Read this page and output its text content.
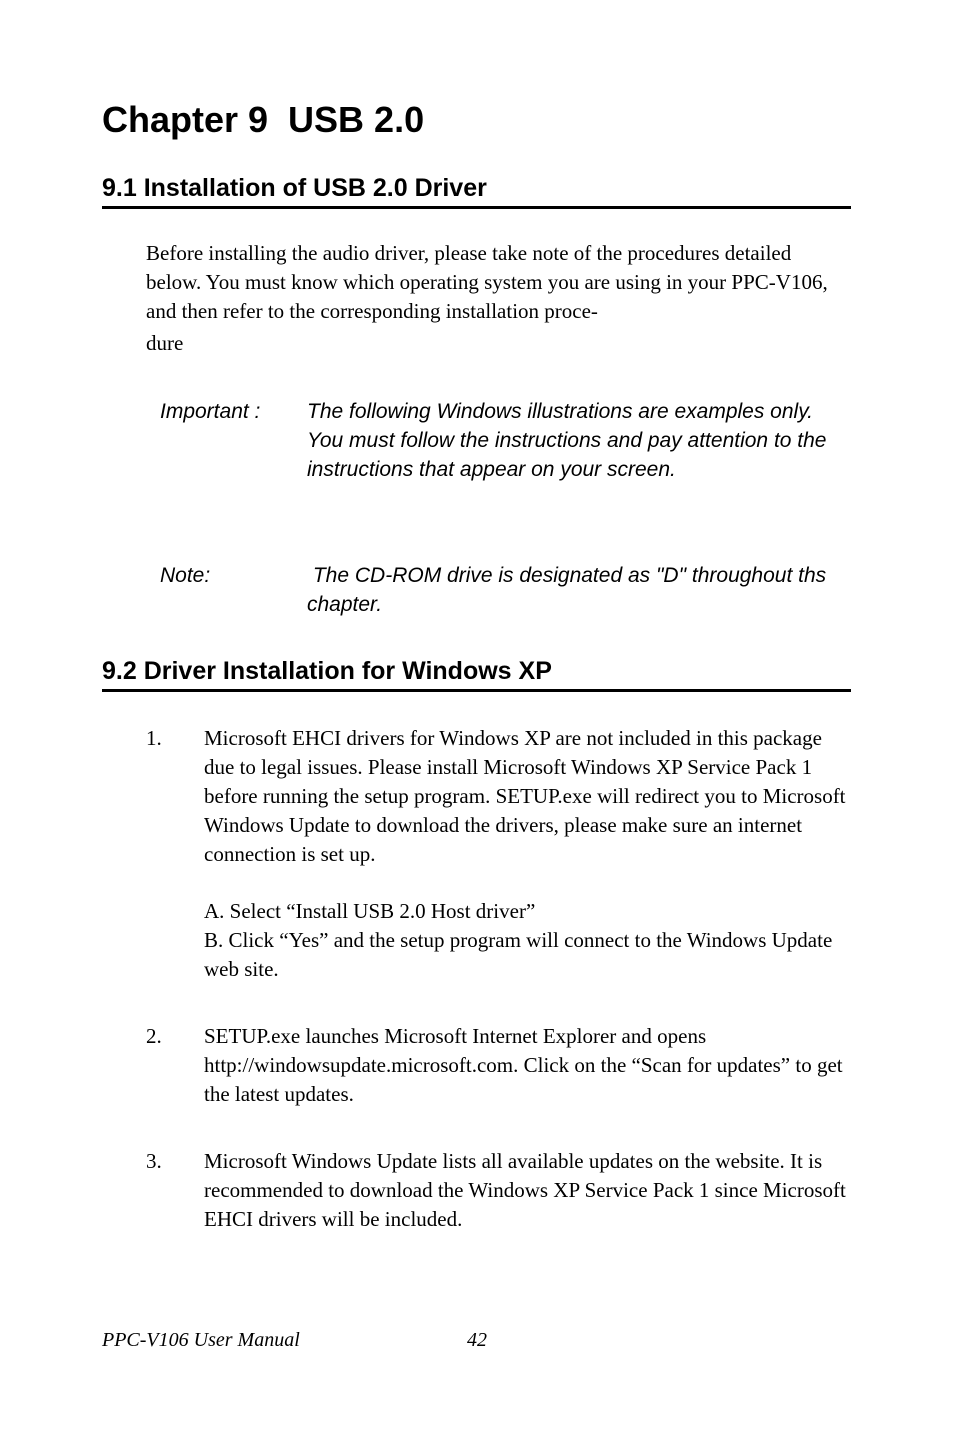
Chapter 9  USB 2.0
9.1 Installation of USB 2.0 Driver

Before installing the audio driver, please take note of the procedures detailed below. You must know which operating system you are using in your PPC-V106, and then refer to the corresponding installation proce-
dure

Important : The following Windows illustrations are examples only. You must follow the instructions and pay attention to the instructions that appear on your screen.

Note:	The CD-ROM drive is designated as "D" throughout ths chapter.

9.2 Driver Installation for Windows XP
1. Microsoft EHCI drivers for Windows XP are not included in this package due to legal issues. Please install Microsoft Windows XP Service Pack 1 before running the setup program. SETUP.exe will redirect you to Microsoft Windows Update to download the drivers, please make sure an internet connection is set up.

A. Select “Install USB 2.0 Host driver”
B. Click “Yes” and the setup program will connect to the Windows Update web site.

2. SETUP.exe launches Microsoft Internet Explorer and opens http://windowsupdate.microsoft.com. Click on the “Scan for updates” to get the latest updates.

3. Microsoft Windows Update lists all available updates on the website. It is recommended to download the Windows XP Service Pack 1 since Microsoft EHCI drivers will be included.

PPC-V106 User Manual	42
